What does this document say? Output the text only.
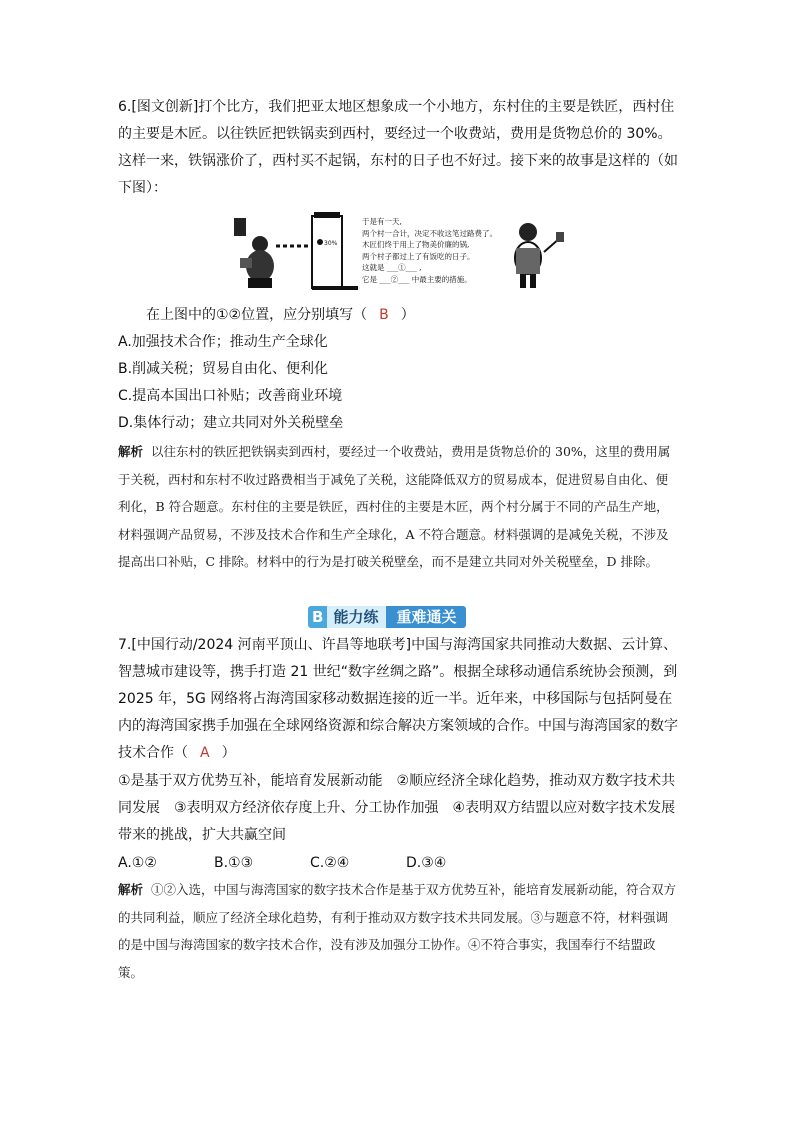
6.[图文创新]打个比方，我们把亚太地区想象成一个小地方，东村住的主要是铁匠，西村住的主要是木匠。以往铁匠把铁锅卖到西村，要经过一个收费站，费用是货物总价的 30%。这样一来，铁锅涨价了，西村买不起锅，东村的日子也不好过。接下来的故事是这样的（如下图）：
30%
于是有一天,
两个村一合计，决定不收这笔过路费了。
木匠们终于用上了物美价廉的锅,
两个村子都过上了有饭吃的日子。
这就是 ___①___ ,
它是 ___②___ 中最主要的措施。
在上图中的①②位置，应分别填写（ B ）
A.加强技术合作；推动生产全球化
B.削减关税；贸易自由化、便利化
C.提高本国出口补贴；改善商业环境
D.集体行动；建立共同对外关税壁垒
解析 以往东村的铁匠把铁锅卖到西村，要经过一个收费站，费用是货物总价的 30%，这里的费用属于关税，西村和东村不收过路费相当于减免了关税，这能降低双方的贸易成本，促进贸易自由化、便利化，B 符合题意。东村住的主要是铁匠，西村住的主要是木匠，两个村分属于不同的产品生产地，材料强调产品贸易，不涉及技术合作和生产全球化，A 不符合题意。材料强调的是减免关税，不涉及提高出口补贴，C 排除。材料中的行为是打破关税壁垒，而不是建立共同对外关税壁垒，D 排除。
B 能力练	重难通关
7.[中国行动/2024 河南平顶山、许昌等地联考]中国与海湾国家共同推动大数据、云计算、智慧城市建设等，携手打造 21 世纪“数字丝绸之路”。根据全球移动通信系统协会预测，到 2025 年，5G 网络将占海湾国家移动数据连接的近一半。近年来，中移国际与包括阿曼在内的海湾国家携手加强在全球网络资源和综合解决方案领域的合作。中国与海湾国家的数字技术合作（ A ）
①是基于双方优势互补，能培育发展新动能　②顺应经济全球化趋势，推动双方数字技术共同发展　③表明双方经济依存度上升、分工协作加强　④表明双方结盟以应对数字技术发展带来的挑战，扩大共赢空间
A.①②	B.①③	C.②④	D.③④
解析 ①②入选，中国与海湾国家的数字技术合作是基于双方优势互补，能培育发展新动能，符合双方的共同利益，顺应了经济全球化趋势，有利于推动双方数字技术共同发展。③与题意不符，材料强调的是中国与海湾国家的数字技术合作，没有涉及加强分工协作。④不符合事实，我国奉行不结盟政策。
